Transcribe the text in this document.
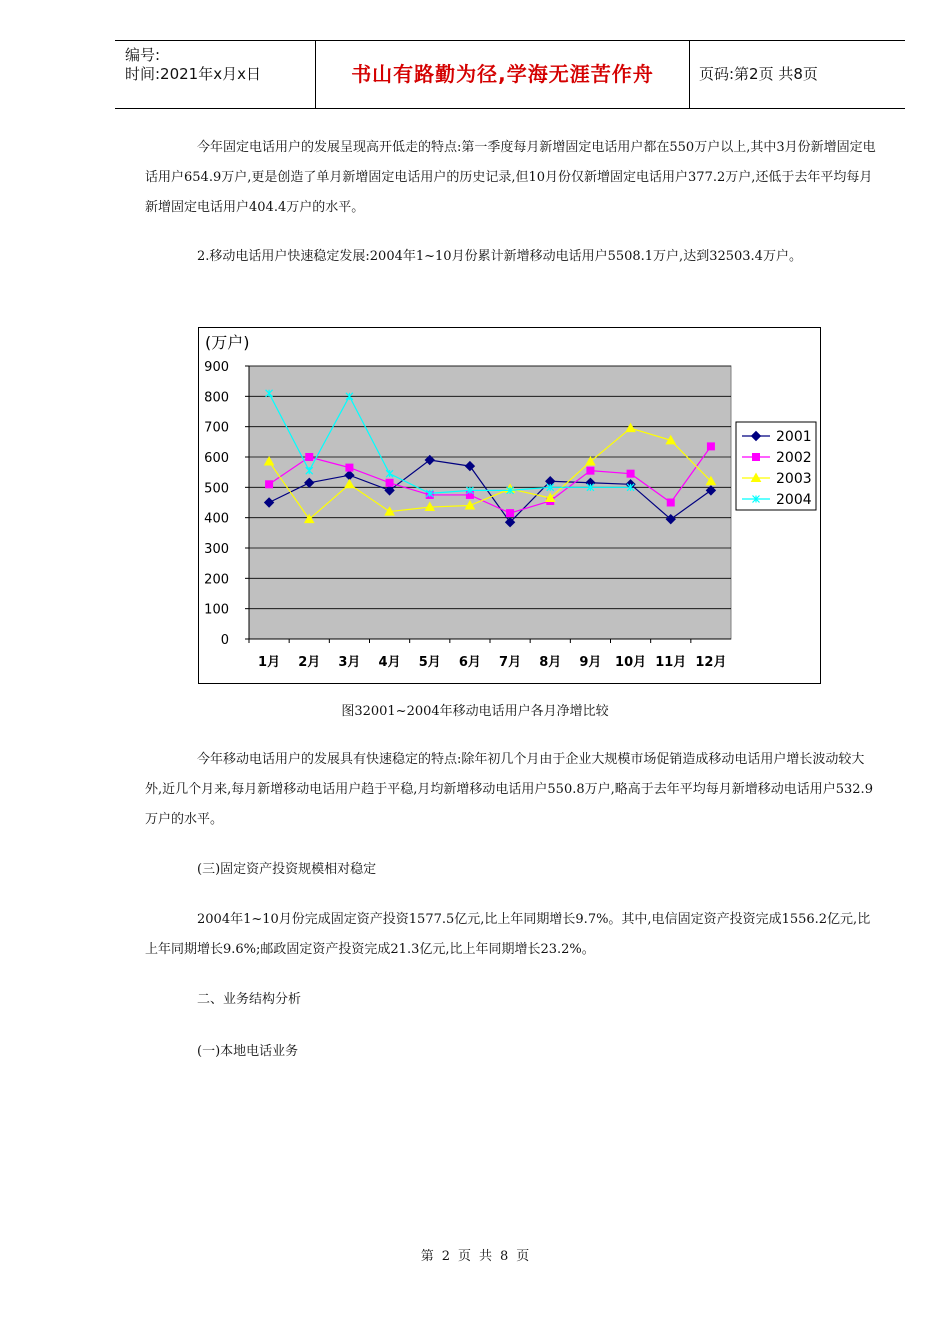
编号:
时间:2021年x月x日	书山有路勤为径,学海无涯苦作舟	页码:第2页 共8页
今年固定电话用户的发展呈现高开低走的特点:第一季度每月新增固定电话用户都在550万户以上,其中3月份新增固定电话用户654.9万户,更是创造了单月新增固定电话用户的历史记录,但10月份仅新增固定电话用户377.2万户,还低于去年平均每月新增固定电话用户404.4万户的水平。
2.移动电话用户快速稳定发展:2004年1~10月份累计新增移动电话用户5508.1万户,达到32503.4万户。
0
100
200
300
400
500
600
700
800
900
1月 2月 3月 4月 5月 6月 7月 8月 9月 10月 11月 12月
(万户)
2001
2002
2003
2004
图32001~2004年移动电话用户各月净增比较
今年移动电话用户的发展具有快速稳定的特点:除年初几个月由于企业大规模市场促销造成移动电话用户增长波动较大外,近几个月来,每月新增移动电话用户趋于平稳,月均新增移动电话用户550.8万户,略高于去年平均每月新增移动电话用户532.9万户的水平。
(三)固定资产投资规模相对稳定
2004年1~10月份完成固定资产投资1577.5亿元,比上年同期增长9.7%。其中,电信固定资产投资完成1556.2亿元,比上年同期增长9.6%;邮政固定资产投资完成21.3亿元,比上年同期增长23.2%。
二、业务结构分析
(一)本地电话业务
第 2 页 共 8 页
